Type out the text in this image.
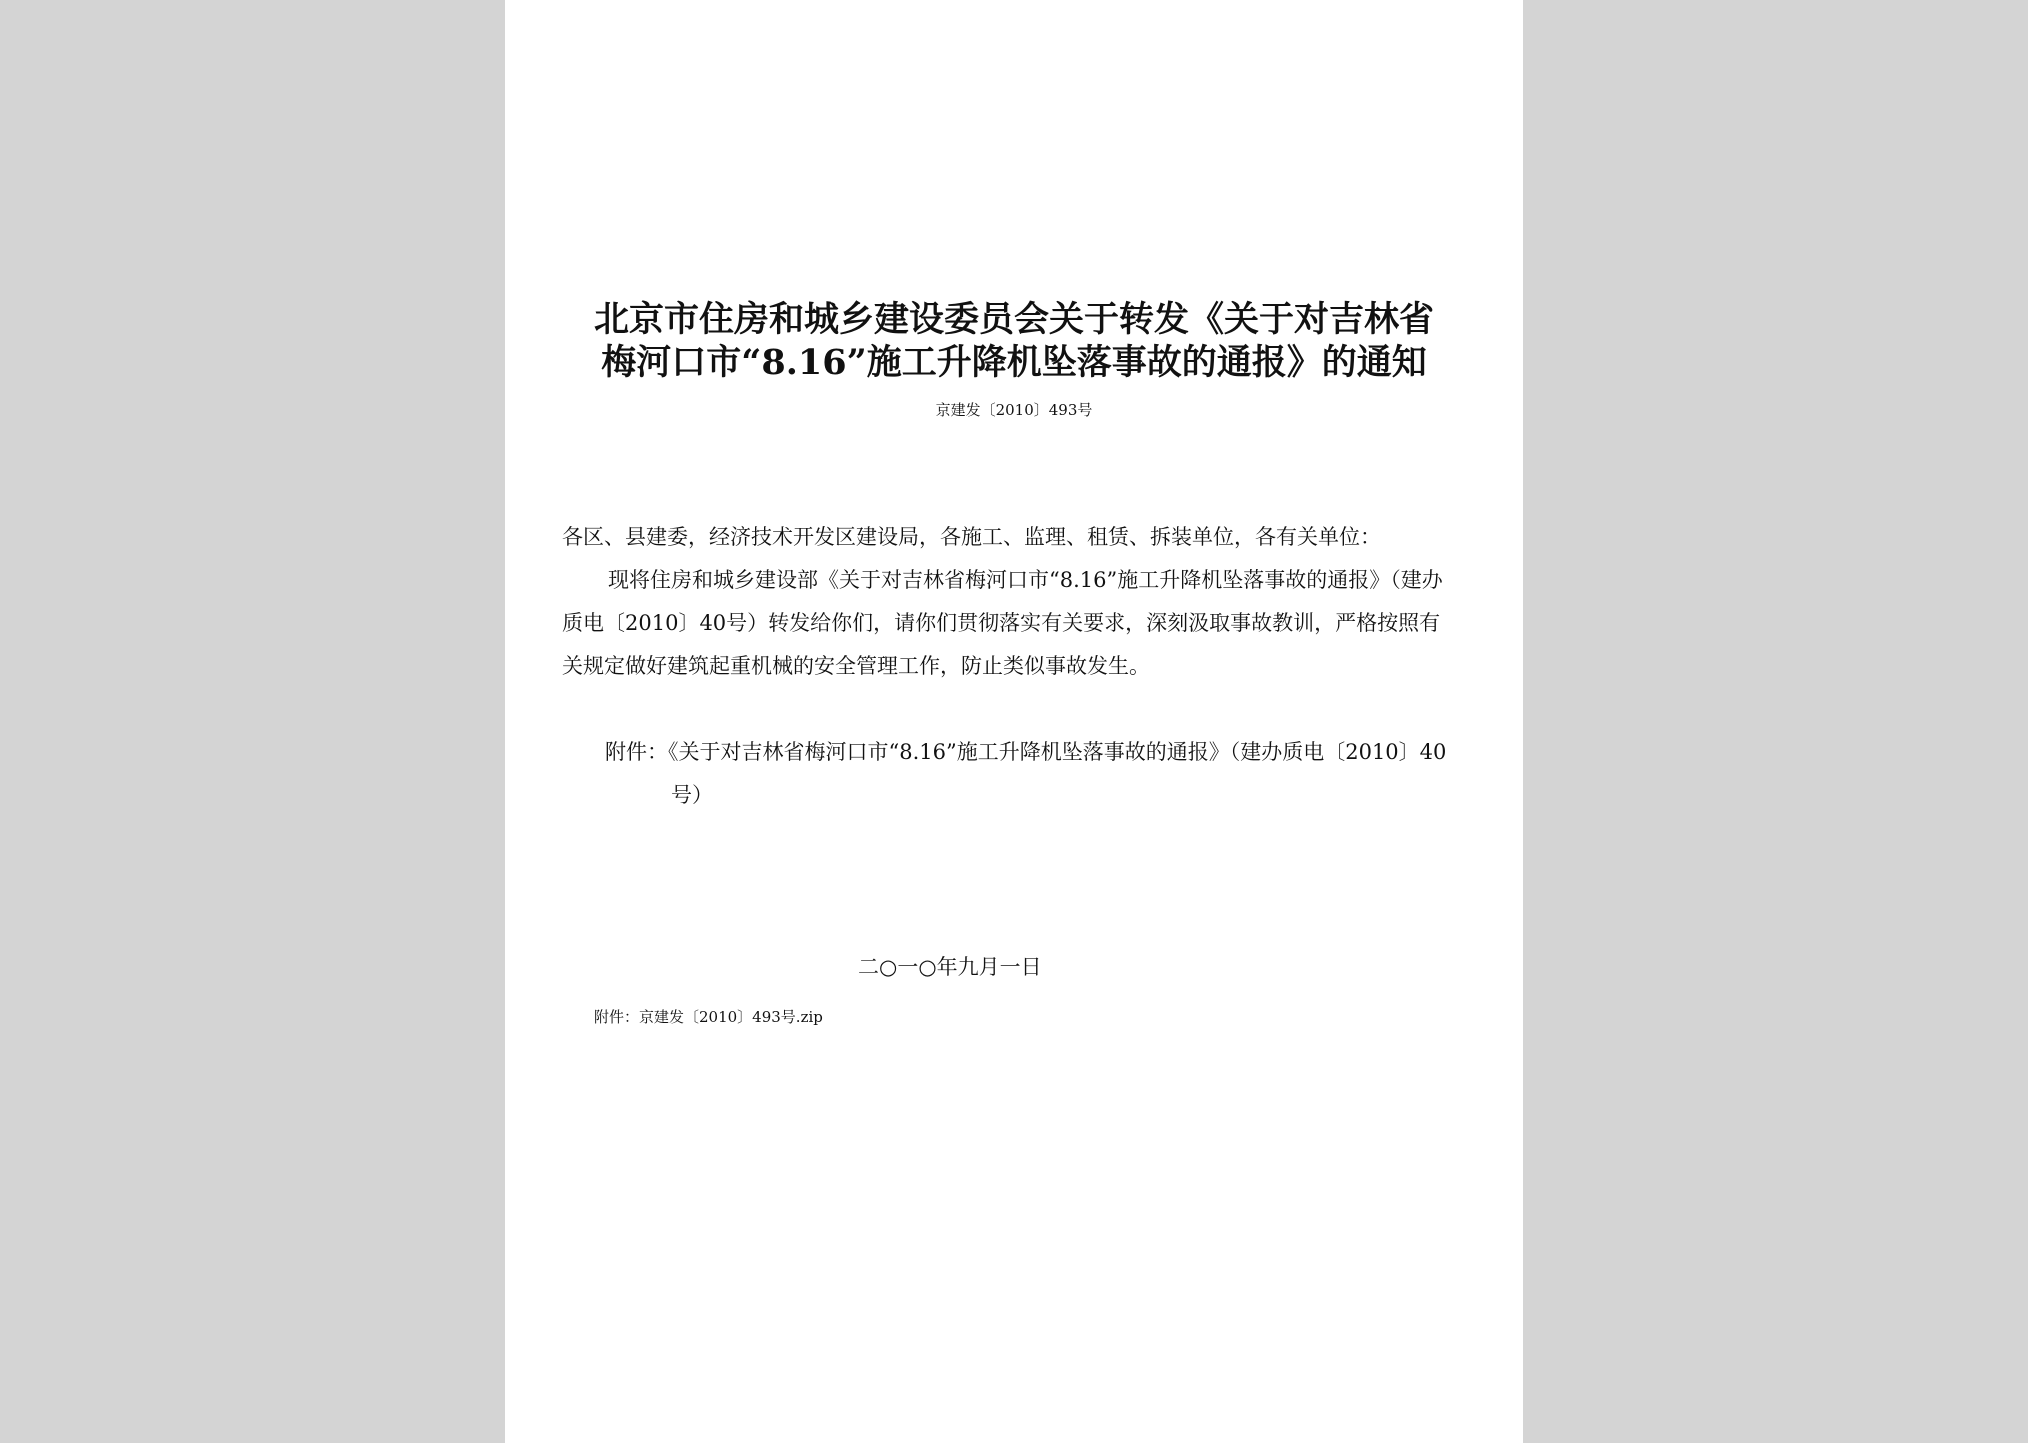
北京市住房和城乡建设委员会关于转发《关于对吉林省
梅河口市“8.16”施工升降机坠落事故的通报》的通知
京建发〔2010〕493号
各区、县建委，经济技术开发区建设局，各施工、监理、租赁、拆装单位，各有关单位：
现将住房和城乡建设部《关于对吉林省梅河口市“8.16”施工升降机坠落事故的通报》（建办
质电〔2010〕40号）转发给你们，请你们贯彻落实有关要求，深刻汲取事故教训，严格按照有
关规定做好建筑起重机械的安全管理工作，防止类似事故发生。
附件：《关于对吉林省梅河口市“8.16”施工升降机坠落事故的通报》（建办质电〔2010〕40
号）
二○一○年九月一日
附件：京建发〔2010〕493号.zip
